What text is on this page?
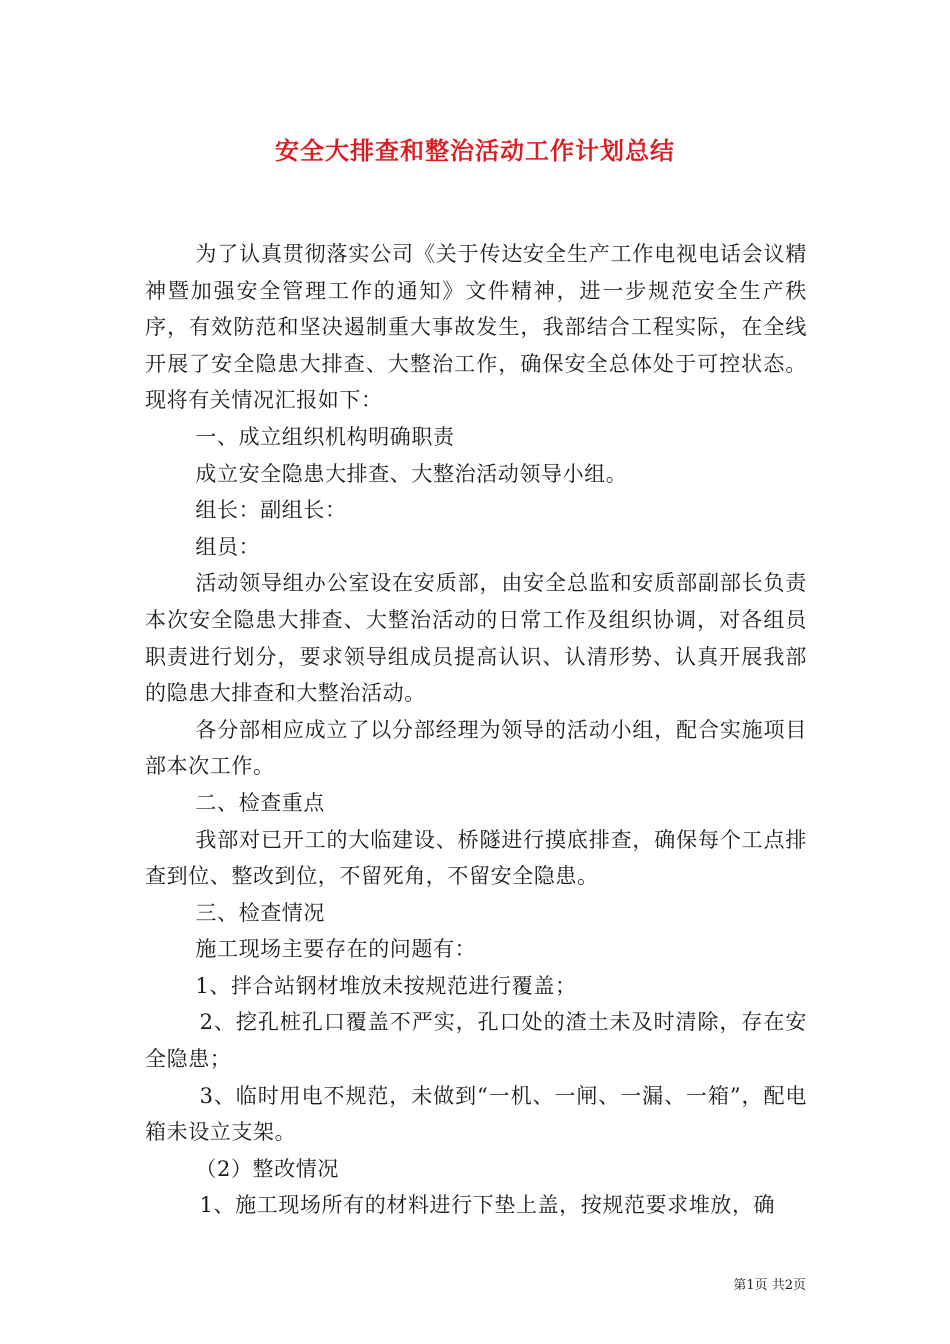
安全大排查和整治活动工作计划总结

为了认真贯彻落实公司《关于传达安全生产工作电视电话会议精神暨加强安全管理工作的通知》文件精神，进一步规范安全生产秩序，有效防范和坚决遏制重大事故发生，我部结合工程实际，在全线开展了安全隐患大排查、大整治工作，确保安全总体处于可控状态。现将有关情况汇报如下：

一、成立组织机构明确职责

成立安全隐患大排查、大整治活动领导小组。

组长：副组长：

组员：

活动领导组办公室设在安质部，由安全总监和安质部副部长负责本次安全隐患大排查、大整治活动的日常工作及组织协调，对各组员职责进行划分，要求领导组成员提高认识、认清形势、认真开展我部的隐患大排查和大整治活动。

各分部相应成立了以分部经理为领导的活动小组，配合实施项目部本次工作。

二、检查重点

我部对已开工的大临建设、桥隧进行摸底排查，确保每个工点排查到位、整改到位，不留死角，不留安全隐患。

三、检查情况

施工现场主要存在的问题有：

1、拌合站钢材堆放未按规范进行覆盖；

2、挖孔桩孔口覆盖不严实，孔口处的渣土未及时清除，存在安全隐患；

3、临时用电不规范，未做到“一机、一闸、一漏、一箱”，配电箱未设立支架。

（2）整改情况

1、施工现场所有的材料进行下垫上盖，按规范要求堆放，确

第1页 共2页
